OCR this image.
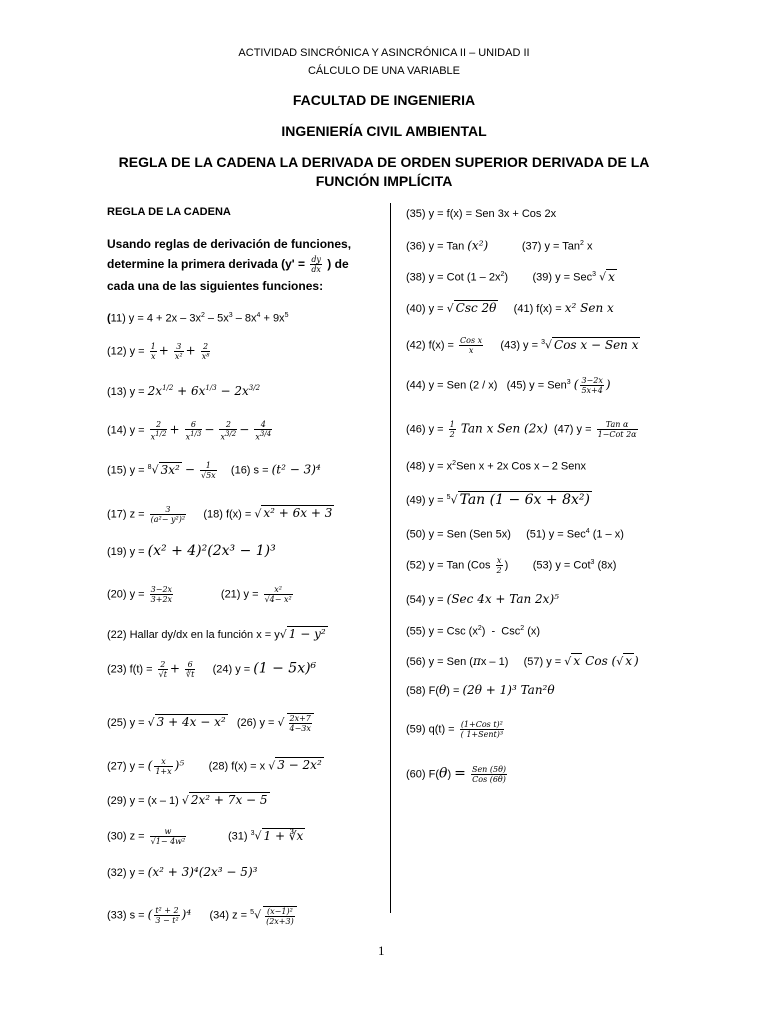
ACTIVIDAD SINCRÓNICA Y ASINCRÓNICA II – UNIDAD II
CÁLCULO DE UNA VARIABLE
FACULTAD DE INGENIERIA
INGENIERÍA CIVIL AMBIENTAL
REGLA DE LA CADENA LA DERIVADA DE ORDEN SUPERIOR DERIVADA DE LA
FUNCIÓN IMPLÍCITA
REGLA DE LA CADENA
Usando reglas de derivación de funciones,
determine la primera derivada ($y' = \frac{dy}{dx}$ ) de
cada una de las siguientes funciones:
(11) $y = 4 + 2x - 3x^2 - 5x^3 - 8x^4 + 9x^5$
(12) $y = \frac{1}{x} + \frac{3}{\text{x²}} + \frac{2}{\text{x⁸}}$
(13) $y = 2x^{1/2} + 6x^{1/3} - 2x^{3/2}$
(14) $y = \frac{2}{x^{1/2}} + \frac{6}{x^{1/3}} - \frac{2}{x^{3/2}} - \frac{4}{x^{3/4}}$
(15) y = $^8$√ $3x^2 - \frac{1}{√5x} (16) s = (t^2 - 3)^4$
(17) $z = \frac{3}{\text{(a²− y²)²}} (18) f(x)$ = √ x² + 6x + 3
(19) y = (x² + 4)²(2x³ − 1)³
(20) $y = \frac{3-2x}{3+2x} (21) y = \frac{\text{x²}}{\text{√4− x²}}$
(22) Hallar dy/dx en la función x = y√ 1 − y²
(23) $f(t) = \frac{2}{√t} + \frac{6}{∛t} (24) y = (1 - 5x)^6$
(25) y = √ 3 + 4x − x²   (26) y = √ $\frac{2x+7}{4-3x}$
(27) y = ( $\frac{x}{1+x} )^5$        (28) f(x) = x √ 3 − 2x²
(29) y = (x – 1) √ 2x² + 7x − 5
(30) $z = \frac{w}{\text{√1− 4w²}} (31)$ $^3$√ 1 + ∛x
(32) y = (x² + 3)⁴(2x³ − 5)³
(33) s = ( $\frac{\text{t² + 2}}{\text{3 − t²}} )^4$      (34) $z = ^5√ \frac{\text{(x−1)²}}{(2x+3)}$
(35) y = f(x) = Sen 3x + Cos 2x
(36) y = Tan (x²)           (37) y = Tan$^2$ x
(38) y = Cot $(1 - 2x^2)$        (39) y = Sec$^3$ √ x
(40) y = √ Csc 2θ     (41) f(x) = x² Sen x
(42) $f(x) = \frac{\text{Cos x}}{x} (43) y = ^3√$ Cos x − Sen x
(44) y = Sen (2 / x)   (45) y = Sen$^3$ ( $\frac{3-2x}{5x+4}$ )
(46) $y = \frac{1}{2}$ Tan x Sen (2x)  (47) $y = \frac{\text{Tan α}}{\text{1−Cot 2α}}$
(48) $y = x^2Sen$ x + 2x Cos x – 2 Senx
(49) y = $^5$√ Tan (1 − 6x + 8x²)
(50) y = Sen (Sen 5x)     (51) y = Sec$^4$ (1 – x)
(52) y = Tan ($Cos \frac{x}{2}$ )        (53) y = Cot$^3$ (8x)
(54) y = (Sec 4x + Tan 2x)⁵
(55) y = Csc $(x^2) - Csc^2$ (x)
(56) y = Sen (πx – 1)     (57) y = √ x Cos (√ x )
(58) F(θ) = (2θ + 1)³ Tan²θ
(59) $q(t) = \frac{\text{(1+Cos t)²}}{\text{( 1+Sent)³}}$
(60) $F(\theta) = \frac{\text{Sen (5θ)}}{\text{Cos (6θ)}}$
1
